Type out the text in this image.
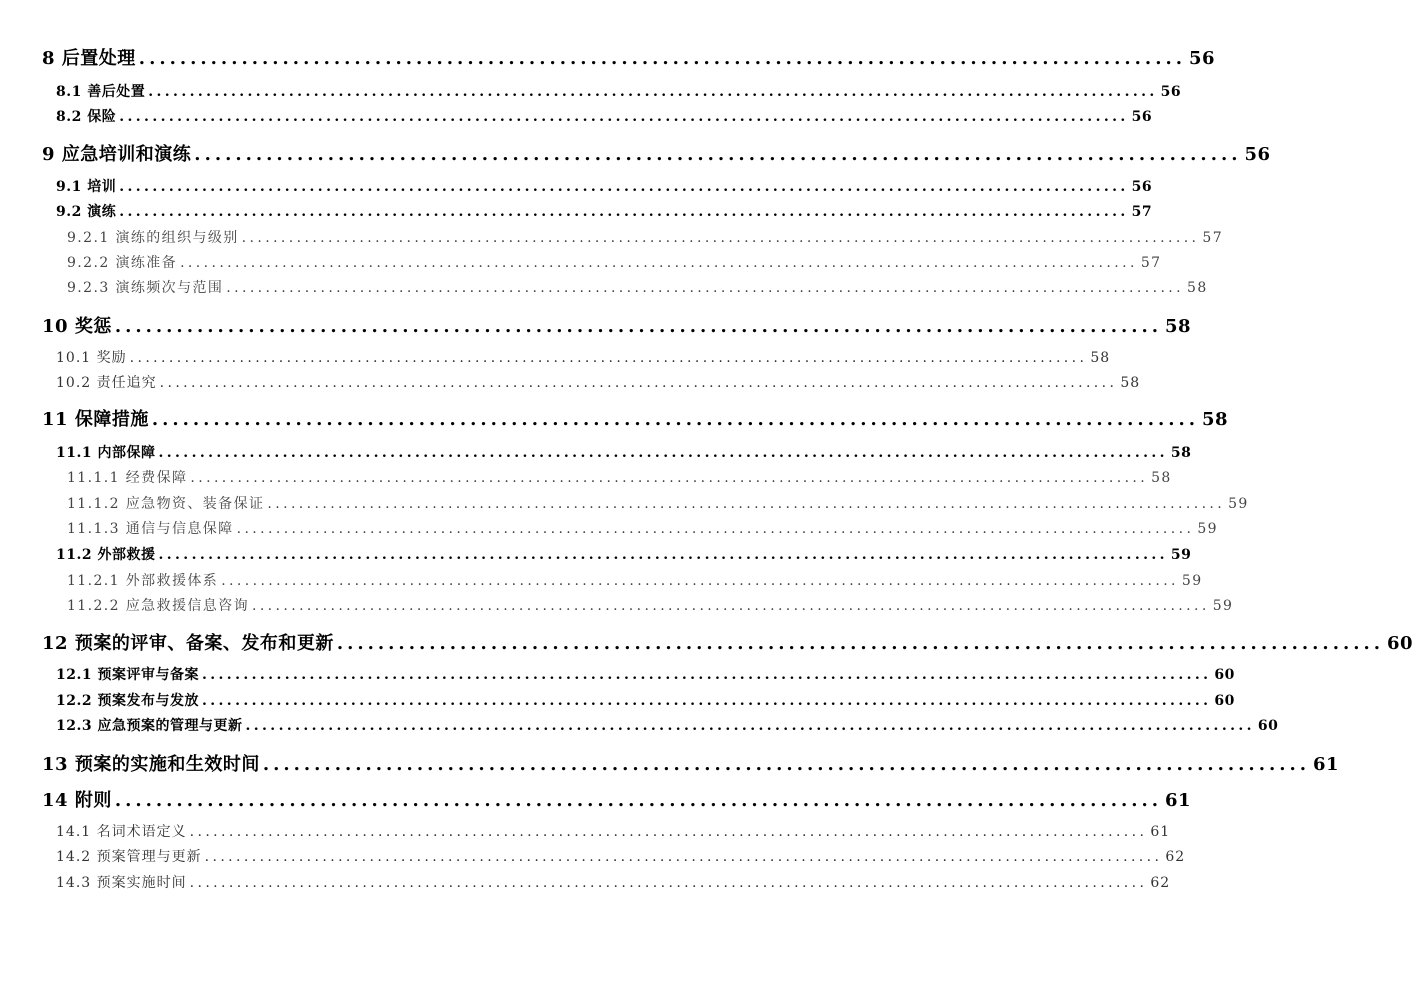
8 后置处理 ...................................................................................................... 56
8.1 善后处置 .......................................................................................................................... 56
8.2 保险 .......................................................................................................................... 56
9 应急培训和演练 ...................................................................................................... 56
9.1 培训 .......................................................................................................................... 56
9.2 演练 .......................................................................................................................... 57
9.2.1 演练的组织与级别 .......................................................................................................................... 57
9.2.2 演练准备 .......................................................................................................................... 57
9.2.3 演练频次与范围 .......................................................................................................................... 58
10 奖惩 ...................................................................................................... 58
10.1 奖励 .......................................................................................................................... 58
10.2 责任追究 .......................................................................................................................... 58
11 保障措施 ...................................................................................................... 58
11.1 内部保障 .......................................................................................................................... 58
11.1.1 经费保障 .......................................................................................................................... 58
11.1.2 应急物资、装备保证 .......................................................................................................................... 59
11.1.3 通信与信息保障 .......................................................................................................................... 59
11.2 外部救援 .......................................................................................................................... 59
11.2.1 外部救援体系 .......................................................................................................................... 59
11.2.2 应急救援信息咨询 .......................................................................................................................... 59
12 预案的评审、备案、发布和更新 ...................................................................................................... 60
12.1 预案评审与备案 .......................................................................................................................... 60
12.2 预案发布与发放 .......................................................................................................................... 60
12.3 应急预案的管理与更新 .......................................................................................................................... 60
13 预案的实施和生效时间 ...................................................................................................... 61
14 附则 ...................................................................................................... 61
14.1 名词术语定义 .......................................................................................................................... 61
14.2 预案管理与更新 .......................................................................................................................... 62
14.3 预案实施时间 .......................................................................................................................... 62
